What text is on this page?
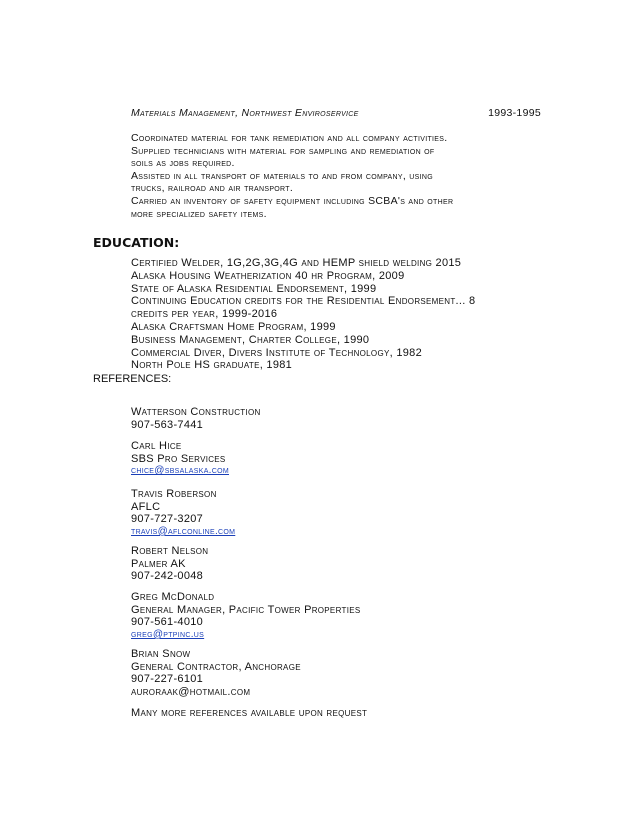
Materials Management, Northwest Enviroservice	1993-1995
Coordinated material for tank remediation and all company activities.
Supplied technicians with material for sampling and remediation of
soils as jobs required.
Assisted in all transport of materials to and from company, using
trucks, railroad and air transport.
Carried an inventory of safety equipment including SCBA's and other
more specialized safety items.
EDUCATION:
Certified Welder, 1G,2G,3G,4G and HEMP shield welding 2015
Alaska Housing Weatherization 40 hr Program, 2009
State of Alaska Residential Endorsement, 1999
Continuing Education credits for the Residential Endorsement... 8
credits per year, 1999-2016
Alaska Craftsman Home Program, 1999
Business Management, Charter College, 1990
Commercial Diver, Divers Institute of Technology, 1982
North Pole HS graduate, 1981
REFERENCES:
Watterson Construction
907-563-7441
Carl Hice
SBS Pro Services
chice@sbsalaska.com
Travis Roberson
AFLC
907-727-3207
travis@aflconline.com
Robert Nelson
Palmer AK
907-242-0048
Greg McDonald
General Manager, Pacific Tower Properties
907-561-4010
greg@ptpinc.us
Brian Snow
General Contractor, Anchorage
907-227-6101
auroraak@hotmail.com
Many more references available upon request
